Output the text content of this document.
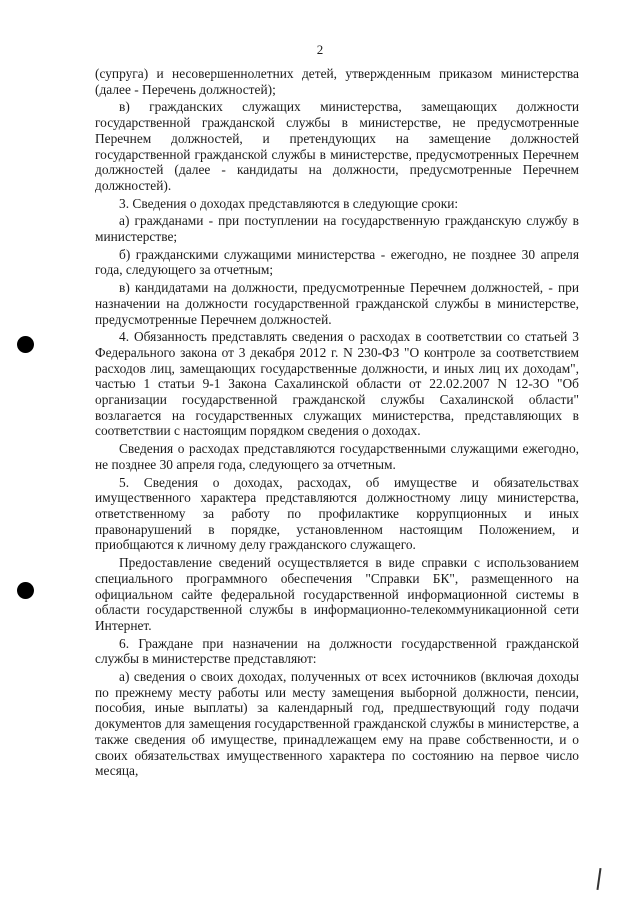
2

(супруга) и несовершеннолетних детей, утвержденным приказом министерства (далее - Перечень должностей);

в) гражданских служащих министерства, замещающих должности государственной гражданской службы в министерстве, не предусмотренные Перечнем должностей, и претендующих на замещение должностей государственной гражданской службы в министерстве, предусмотренных Перечнем должностей (далее - кандидаты на должности, предусмотренные Перечнем должностей).

3. Сведения о доходах представляются в следующие сроки:

а) гражданами - при поступлении на государственную гражданскую службу в министерстве;

б) гражданскими служащими министерства - ежегодно, не позднее 30 апреля года, следующего за отчетным;

в) кандидатами на должности, предусмотренные Перечнем должностей, - при назначении на должности государственной гражданской службы в министерстве, предусмотренные Перечнем должностей.

4. Обязанность представлять сведения о расходах в соответствии со статьей 3 Федерального закона от 3 декабря 2012 г. N 230-ФЗ "О контроле за соответствием расходов лиц, замещающих государственные должности, и иных лиц их доходам", частью 1 статьи 9-1 Закона Сахалинской области от 22.02.2007 N 12-ЗО "Об организации государственной гражданской службы Сахалинской области" возлагается на государственных служащих министерства, представляющих в соответствии с настоящим порядком сведения о доходах.

Сведения о расходах представляются государственными служащими ежегодно, не позднее 30 апреля года, следующего за отчетным.

5. Сведения о доходах, расходах, об имуществе и обязательствах имущественного характера представляются должностному лицу министерства, ответственному за работу по профилактике коррупционных и иных правонарушений в порядке, установленном настоящим Положением, и приобщаются к личному делу гражданского служащего.

Предоставление сведений осуществляется в виде справки с использованием специального программного обеспечения "Справки БК", размещенного на официальном сайте федеральной государственной информационной системы в области государственной службы в информационно-телекоммуникационной сети Интернет.

6. Граждане при назначении на должности государственной гражданской службы в министерстве представляют:

а) сведения о своих доходах, полученных от всех источников (включая доходы по прежнему месту работы или месту замещения выборной должности, пенсии, пособия, иные выплаты) за календарный год, предшествующий году подачи документов для замещения государственной гражданской службы в министерстве, а также сведения об имуществе, принадлежащем ему на праве собственности, и о своих обязательствах имущественного характера по состоянию на первое число месяца,
